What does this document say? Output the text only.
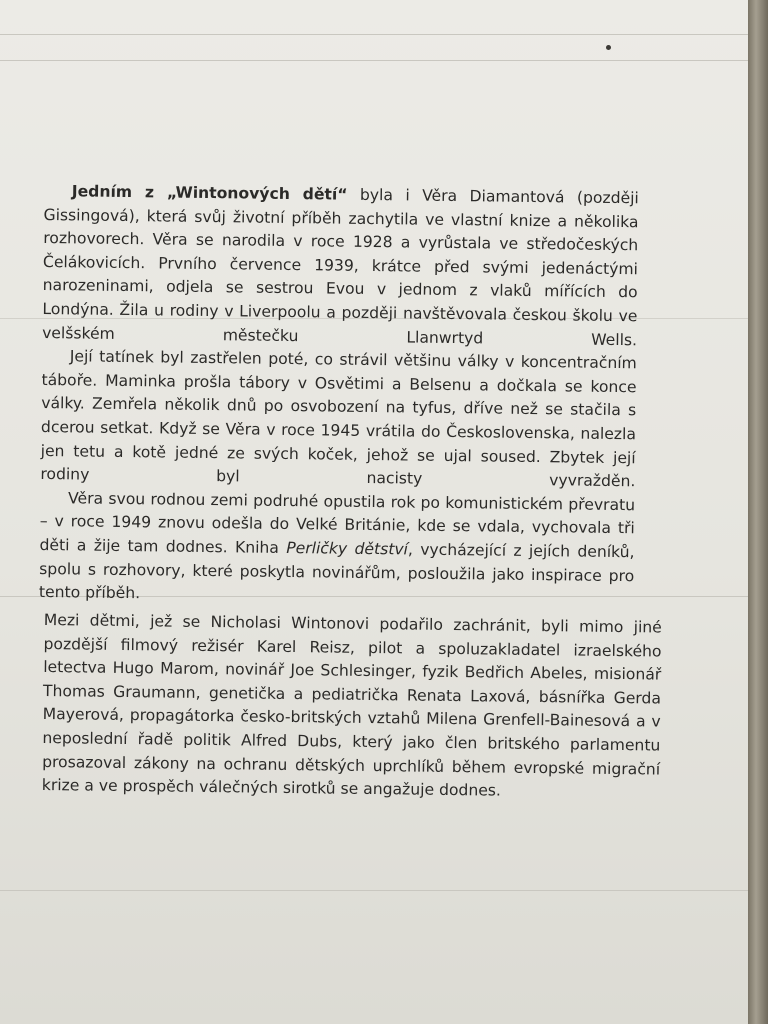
Jedním z „Wintonových dětí“ byla i Věra Diamantová (později Gissingová), která svůj životní příběh zachytila ve vlastní knize a několika rozhovorech. Věra se narodila v roce 1928 a vyrůstala ve středočeských Čelákovicích. Prvního července 1939, krátce před svými jedenáctými narozeninami, odjela se sestrou Evou v jednom z vlaků mířících do Londýna. Žila u rodiny v Liverpoolu a později navštěvovala českou školu ve velšském městečku Llanwrtyd Wells.

Její tatínek byl zastřelen poté, co strávil většinu války v koncentračním táboře. Maminka prošla tábory v Osvětimi a Belsenu a dočkala se konce války. Zemřela několik dnů po osvobození na tyfus, dříve než se stačila s dcerou setkat. Když se Věra v roce 1945 vrátila do Československa, nalezla jen tetu a kotě jedné ze svých koček, jehož se ujal soused. Zbytek její rodiny byl nacisty vyvražděn.

Věra svou rodnou zemi podruhé opustila rok po komunistickém převratu – v roce 1949 znovu odešla do Velké Británie, kde se vdala, vychovala tři děti a žije tam dodnes. Kniha Perličky dětství, vycházející z jejích deníků, spolu s rozhovory, které poskytla novinářům, posloužila jako inspirace pro tento příběh.

Mezi dětmi, jež se Nicholasi Wintonovi podařilo zachránit, byli mimo jiné pozdější filmový režisér Karel Reisz, pilot a spoluzakladatel izraelského letectva Hugo Marom, novinář Joe Schlesinger, fyzik Bedřich Abeles, misionář Thomas Graumann, genetička a pediatrička Renata Laxová, básnířka Gerda Mayerová, propagátorka česko-britských vztahů Milena Grenfell-Bainesová a v neposlední řadě politik Alfred Dubs, který jako člen britského parlamentu prosazoval zákony na ochranu dětských uprchlíků během evropské migrační krize a ve prospěch válečných sirotků se angažuje dodnes.
